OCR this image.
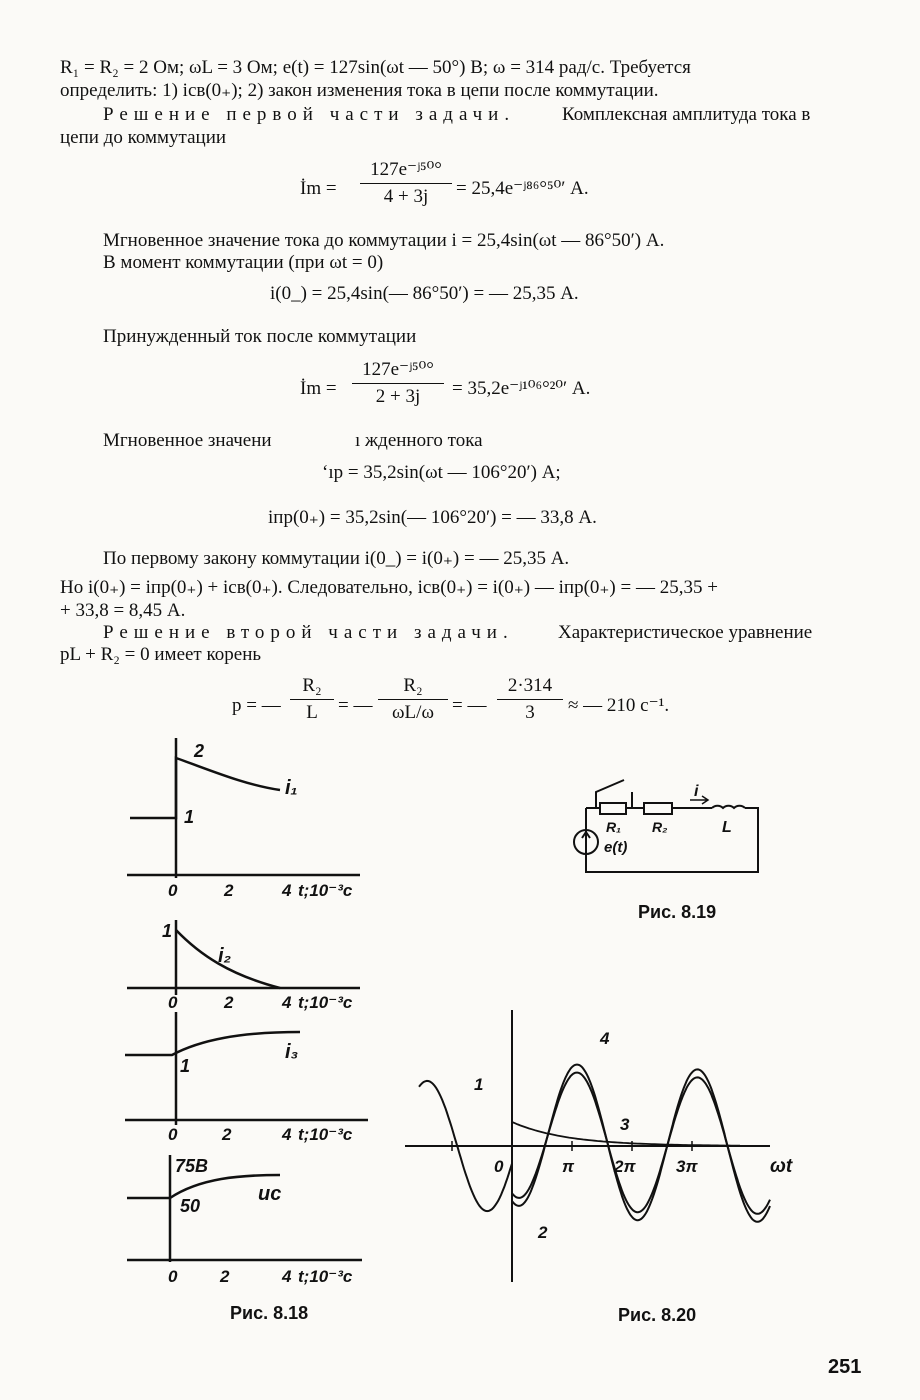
R₁ = R₂ = 2 Ом; ωL = 3 Ом; e(t) = 127sin(ωt — 50°) В; ω = 314 рад/с. Требуется
определить: 1) iсв(0₊); 2) закон изменения тока в цепи после коммутации.
Решение первой части задачи. Комплексная амплитуда тока в
цепи до коммутации
İm = $\frac{\text{127e⁻ʲ⁵⁰°}}{4 + 3j}$ = 25,4e⁻ʲ⁸⁶°⁵⁰′ А.
Мгновенное значение тока до коммутации i = 25,4sin(ωt — 86°50′) А.
В момент коммутации (при ωt = 0)
i(0_) = 25,4sin(— 86°50′) = — 25,35 А.
Принужденный ток после коммутации
İm = $\frac{\text{127e⁻ʲ⁵⁰°}}{2 + 3j}$ = 35,2e⁻ʲ¹⁰⁶°²⁰′ А.
Мгновенное значени	ı жденного тока
ʻıр = 35,2sin(ωt — 106°20′) А;
iпр(0₊) = 35,2sin(— 106°20′) = — 33,8 А.
По первому закону коммутации i(0_) = i(0₊) = — 25,35 А.
Но i(0₊) = iпр(0₊) + iсв(0₊). Следовательно, iсв(0₊) = i(0₊) — iпр(0₊) = — 25,35 +
+ 33,8 = 8,45 А.
Решение второй части задачи. Характеристическое уравнение
pL + R₂ = 0 имеет корень
p = — $\frac{\text{R₂}}{L}$ = — $\frac{\text{R₂}}{\omega L/\omega}$ = — $\frac{2\cdot 314}{3}$ ≈ — 210 с⁻¹.
2
1
i₁
0	2	4 t;10⁻³с
1
i₂
0	2	4 t;10⁻³с
1
i₃
0	2	4 t;10⁻³с
75В
50
uс
0	2	4 t;10⁻³с
R₁ R₂	L
i
e(t)
0	π 2π 3π	ωt
1
2
3
4
Рис. 8.18
Рис. 8.19
Рис. 8.20
251
